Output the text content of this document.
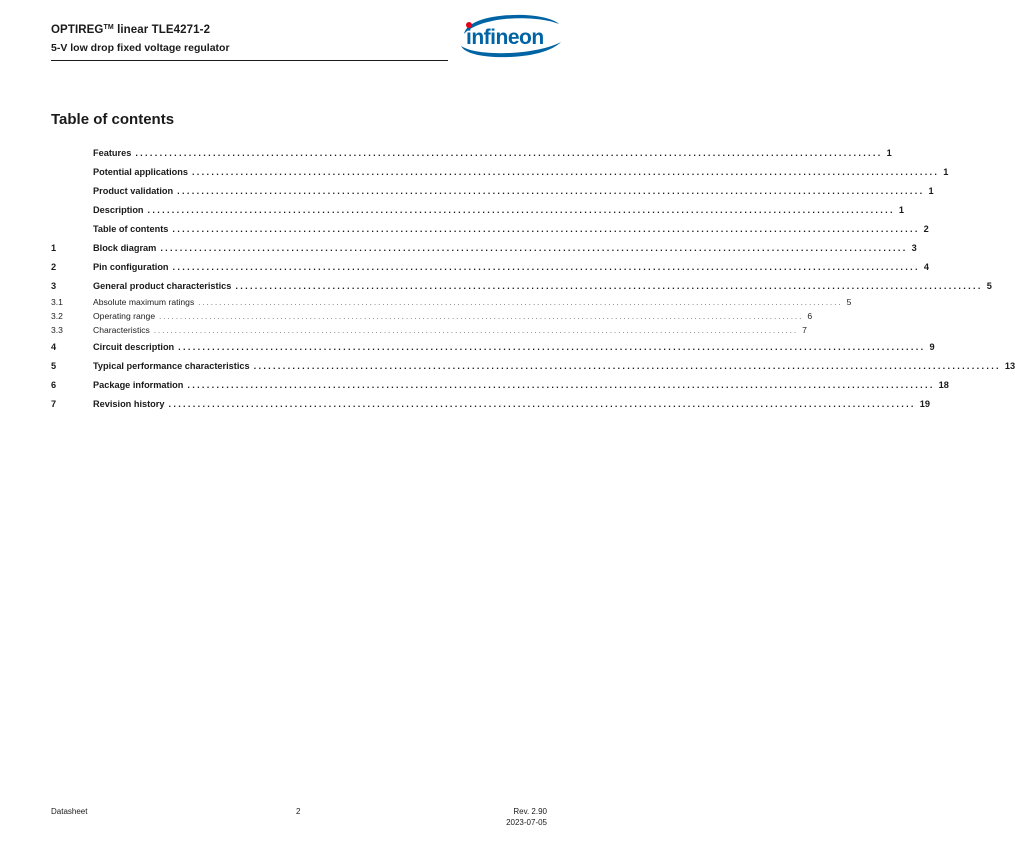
OPTIREG™ linear TLE4271-2
5-V low drop fixed voltage regulator	infineon
Table of contents
Features .......................................................................................................................................................... 1
Potential applications .......................................................................................................................................................... 1
Product validation .......................................................................................................................................................... 1
Description .......................................................................................................................................................... 1
Table of contents .......................................................................................................................................................... 2
1	Block diagram .......................................................................................................................................................... 3
2	Pin configuration .......................................................................................................................................................... 4
3	General product characteristics .......................................................................................................................................................... 5
3.1	Absolute maximum ratings .......................................................................................................................................................... 5
3.2	Operating range .......................................................................................................................................................... 6
3.3	Characteristics .......................................................................................................................................................... 7
4	Circuit description .......................................................................................................................................................... 9
5	Typical performance characteristics .......................................................................................................................................................... 13
6	Package information .......................................................................................................................................................... 18
7	Revision history .......................................................................................................................................................... 19
Datasheet	2	Rev. 2.90
2023-07-05
